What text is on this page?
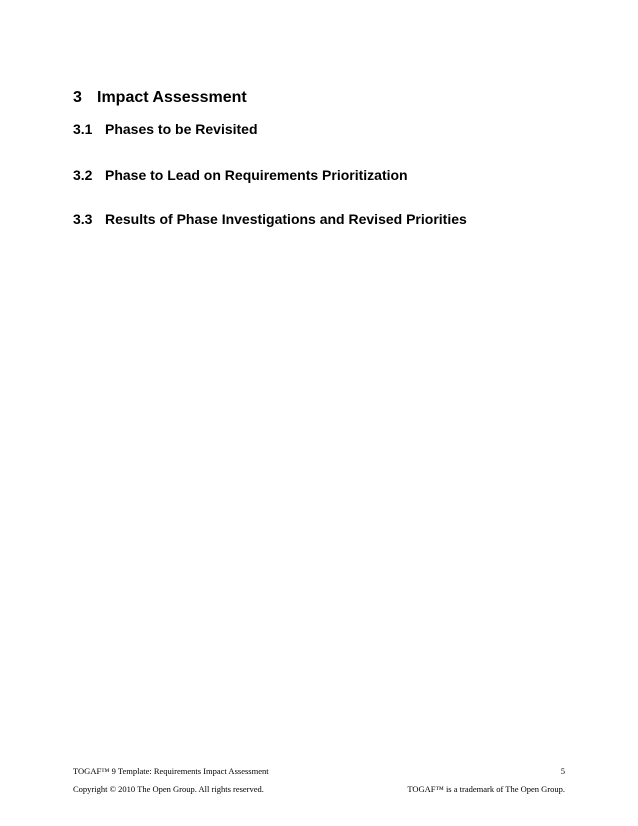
3 Impact Assessment
3.1 Phases to be Revisited
3.2 Phase to Lead on Requirements Prioritization
3.3 Results of Phase Investigations and Revised Priorities
TOGAF™ 9 Template: Requirements Impact Assessment	5
Copyright © 2010 The Open Group. All rights reserved.	TOGAF™ is a trademark of The Open Group.
